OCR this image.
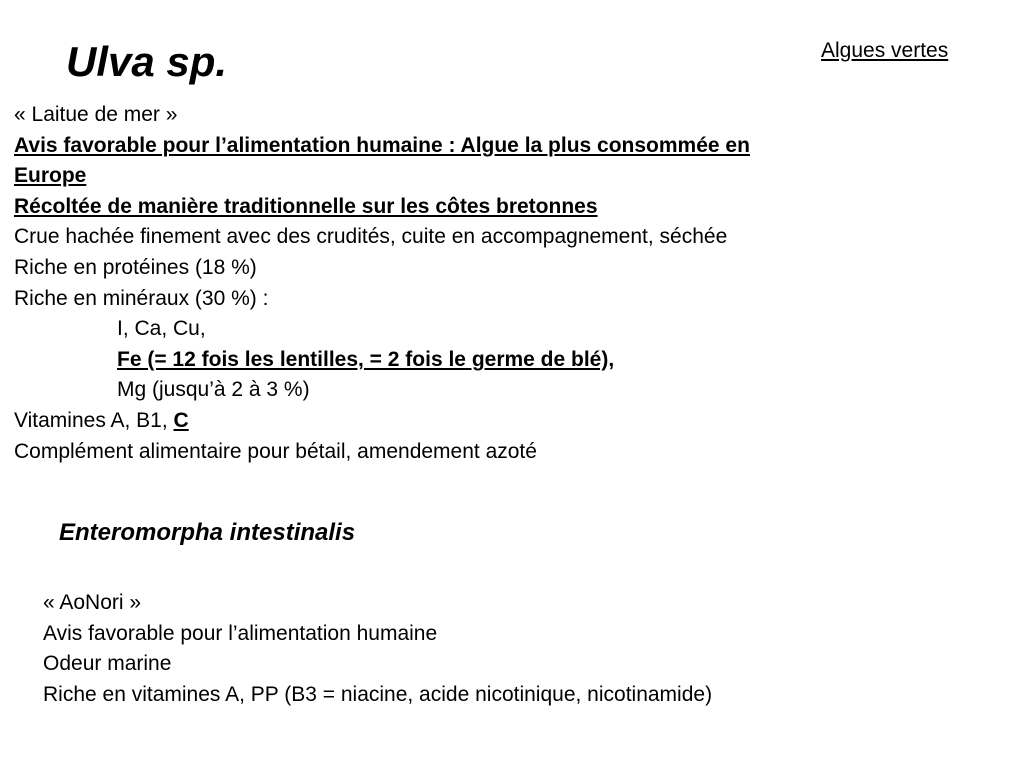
Ulva sp.	Algues vertes
« Laitue de mer »
Avis favorable pour l’alimentation humaine : Algue la plus consommée en
Europe
Récoltée de manière traditionnelle sur les côtes bretonnes
Crue hachée finement avec des crudités, cuite en accompagnement, séchée
Riche en protéines (18 %)
Riche en minéraux (30 %) :
I, Ca, Cu,
Fe (= 12 fois les lentilles, = 2 fois le germe de blé),
Mg (jusqu’à 2 à 3 %)
Vitamines A, B1, C
Complément alimentaire pour bétail, amendement azoté
Enteromorpha intestinalis
« AoNori »
Avis favorable pour l’alimentation humaine
Odeur marine
Riche en vitamines A, PP (B3 = niacine, acide nicotinique, nicotinamide)
